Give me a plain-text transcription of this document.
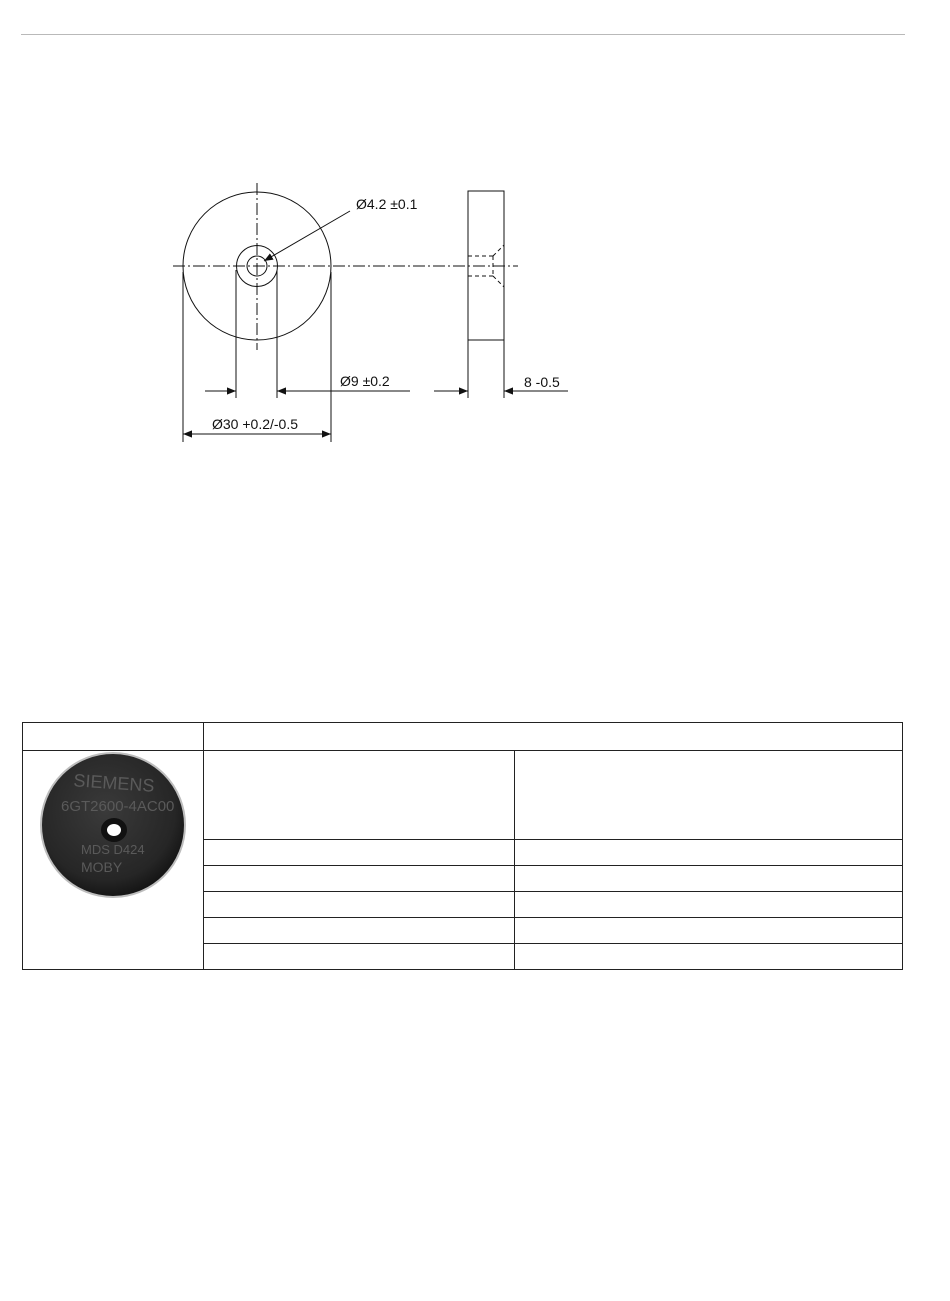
Ø4.2 ±0.1
Ø9 ±0.2	8 -0.5
Ø30 +0.2/-0.5

SIEMENS
6GT2600-4AC00
MDS D424
MOBY		
